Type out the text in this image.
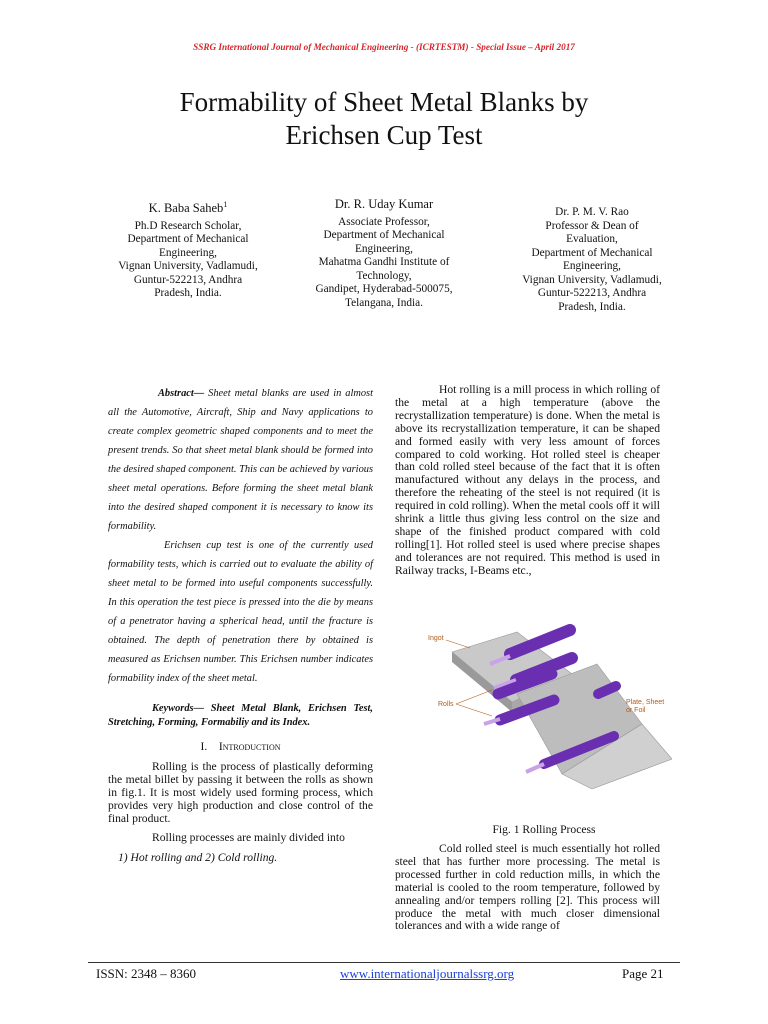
SSRG International Journal of Mechanical Engineering - (ICRTESTM) - Special Issue – April 2017
Formability of Sheet Metal Blanks by
Erichsen Cup Test
K. Baba Saheb$^1$
Ph.D Research Scholar,
Department of Mechanical
Engineering,
Vignan University, Vadlamudi,
Guntur-522213, Andhra
Pradesh, India.
Dr. R. Uday Kumar
Associate Professor,
Department of Mechanical
Engineering,
Mahatma Gandhi Institute of
Technology,
Gandipet, Hyderabad-500075,
Telangana, India.
Dr. P. M. V. Rao
Professor & Dean of
Evaluation,
Department of Mechanical
Engineering,
Vignan University, Vadlamudi,
Guntur-522213, Andhra
Pradesh, India.

Abstract— Sheet metal blanks are used in almost all the Automotive, Aircraft, Ship and Navy applications to create complex geometric shaped components and to meet the present trends. So that sheet metal blank should be formed into the desired shaped component. This can be achieved by various sheet metal operations. Before forming the sheet metal blank into the desired shaped component it is necessary to know its formability.

Erichsen cup test is one of the currently used formability tests, which is carried out to evaluate the ability of sheet metal to be formed into useful components successfully. In this operation the test piece is pressed into the die by means of a penetrator having a spherical head, until the fracture is obtained. The depth of penetration there by obtained is measured as Erichsen number. This Erichsen number indicates formability index of the sheet metal.

Keywords— Sheet Metal Blank, Erichsen Test, Stretching, Forming, Formabiliy and its Index.

I. Introduction

Rolling is the process of plastically deforming the metal billet by passing it between the rolls as shown in fig.1. It is most widely used forming process, which provides very high production and close control of the final product.

Rolling processes are mainly divided into

1) Hot rolling and 2) Cold rolling.

Hot rolling is a mill process in which rolling of the metal at a high temperature (above the recrystallization temperature) is done. When the metal is above its recrystallization temperature, it can be shaped and formed easily with very less amount of forces compared to cold working. Hot rolled steel is cheaper than cold rolled steel because of the fact that it is often manufactured without any delays in the process, and therefore the reheating of the steel is not required (it is required in cold rolling). When the metal cools off it will shrink a little thus giving less control on the size and shape of the finished product compared with cold rolling[1]. Hot rolled steel is used where precise shapes and tolerances are not required. This method is used in Railway tracks, I-Beams etc.,

Ingot
Rolls	Plate, Sheet
or Foil
Fig. 1 Rolling Process

Cold rolled steel is much essentially hot rolled steel that has further more processing. The metal is processed further in cold reduction mills, in which the material is cooled to the room temperature, followed by annealing and/or tempers rolling [2]. This process will produce the metal with much closer dimensional tolerances and with a wide range of

ISSN: 2348 – 8360	www.internationaljournalssrg.org	Page 21
